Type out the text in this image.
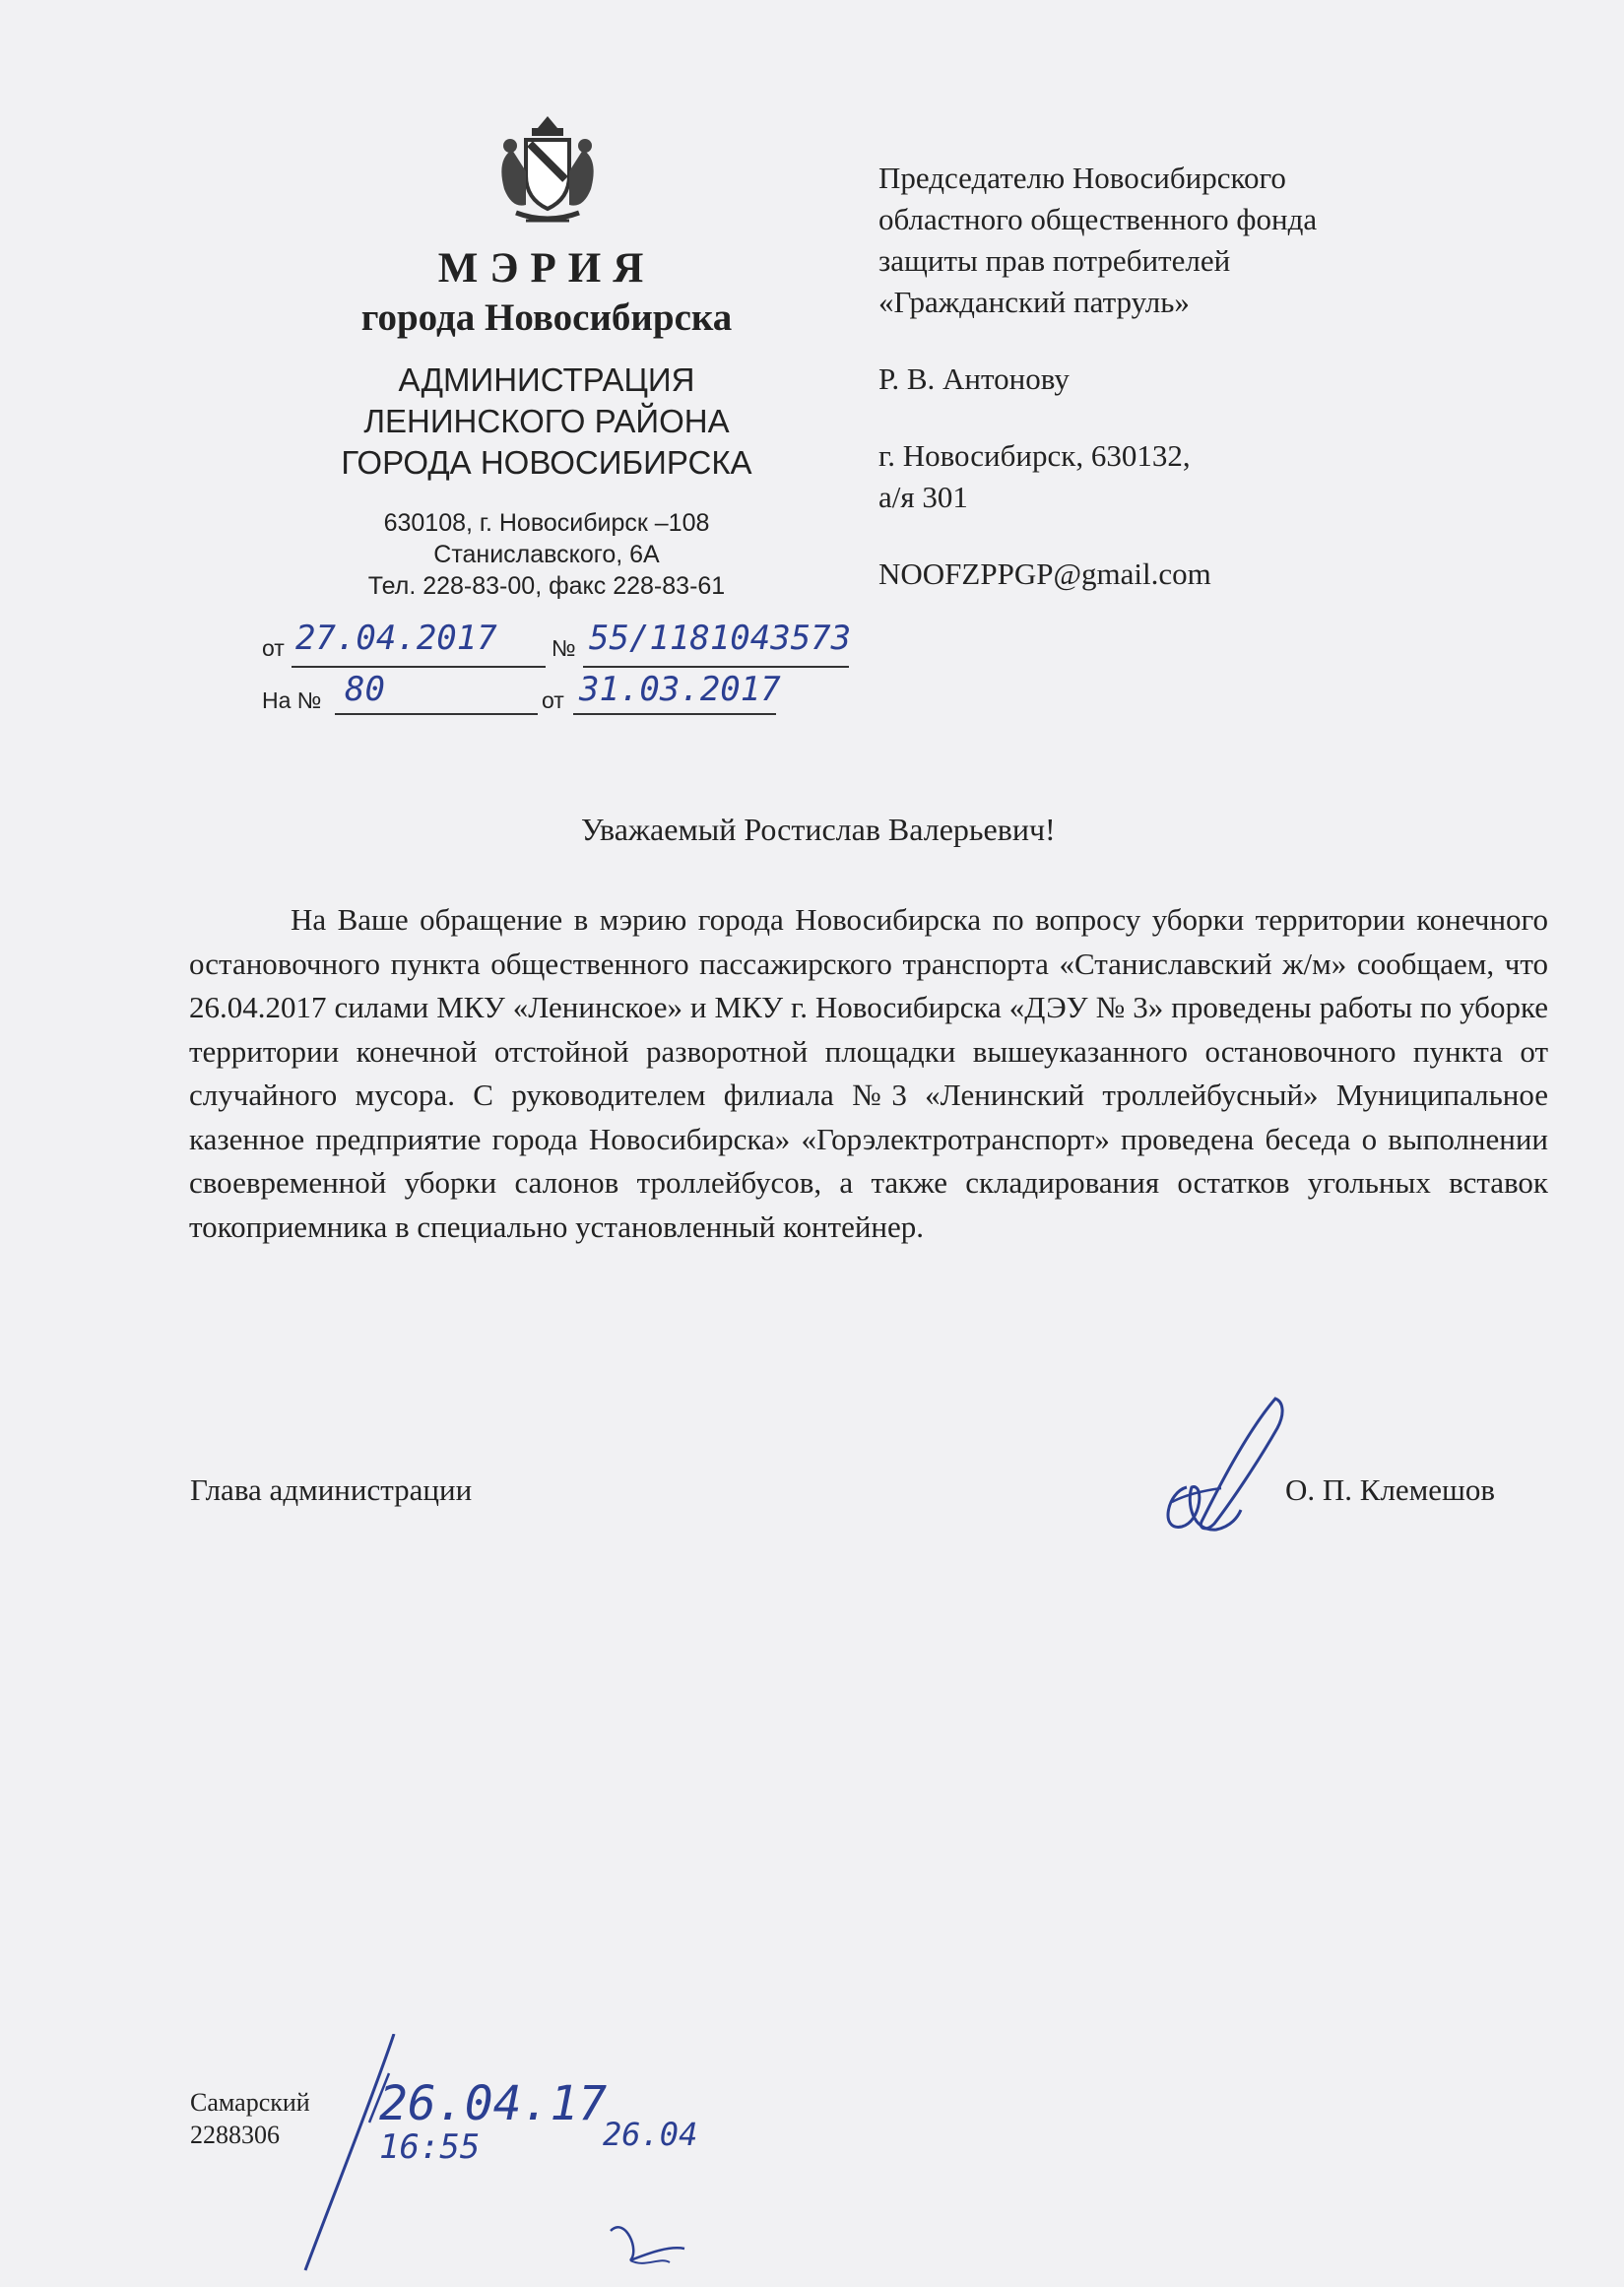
МЭРИЯ
города Новосибирска
АДМИНИСТРАЦИЯ
ЛЕНИНСКОГО РАЙОНА
ГОРОДА НОВОСИБИРСКА
630108, г. Новосибирск –108
Станиславского, 6А
Тел. 228-83-00, факс 228-83-61
от 27.04.2017 № 55/1181043573
На № 80	от 31.03.2017

Председателю Новосибирского

областного общественного фонда

защиты прав потребителей

«Гражданский патруль»

Р. В. Антонову

г. Новосибирск, 630132,

а/я 301

NOOFZPPGP@gmail.com

Уважаемый Ростислав Валерьевич!

На Ваше обращение в мэрию города Новосибирска по вопросу уборки территории конечного остановочного пункта общественного пассажирского транспорта «Станиславский ж/м» сообщаем, что 26.04.2017 силами МКУ «Ленинское» и МКУ г. Новосибирска «ДЭУ № 3» проведены работы по уборке территории конечной отстойной разворотной площадки вышеуказанного остановочного пункта от случайного мусора. С руководителем филиала №3 «Ленинский троллейбусный» Муниципальное казенное предприятие города Новосибирска» «Горэлектротранспорт» проведена беседа о выполнении своевременной уборки салонов троллейбусов, а также складирования остатков угольных вставок токоприемника в специально установленный контейнер.

Глава администрации	О. П. Клемешов
Самарский
2288306
26.04.17
16:55	26.04
